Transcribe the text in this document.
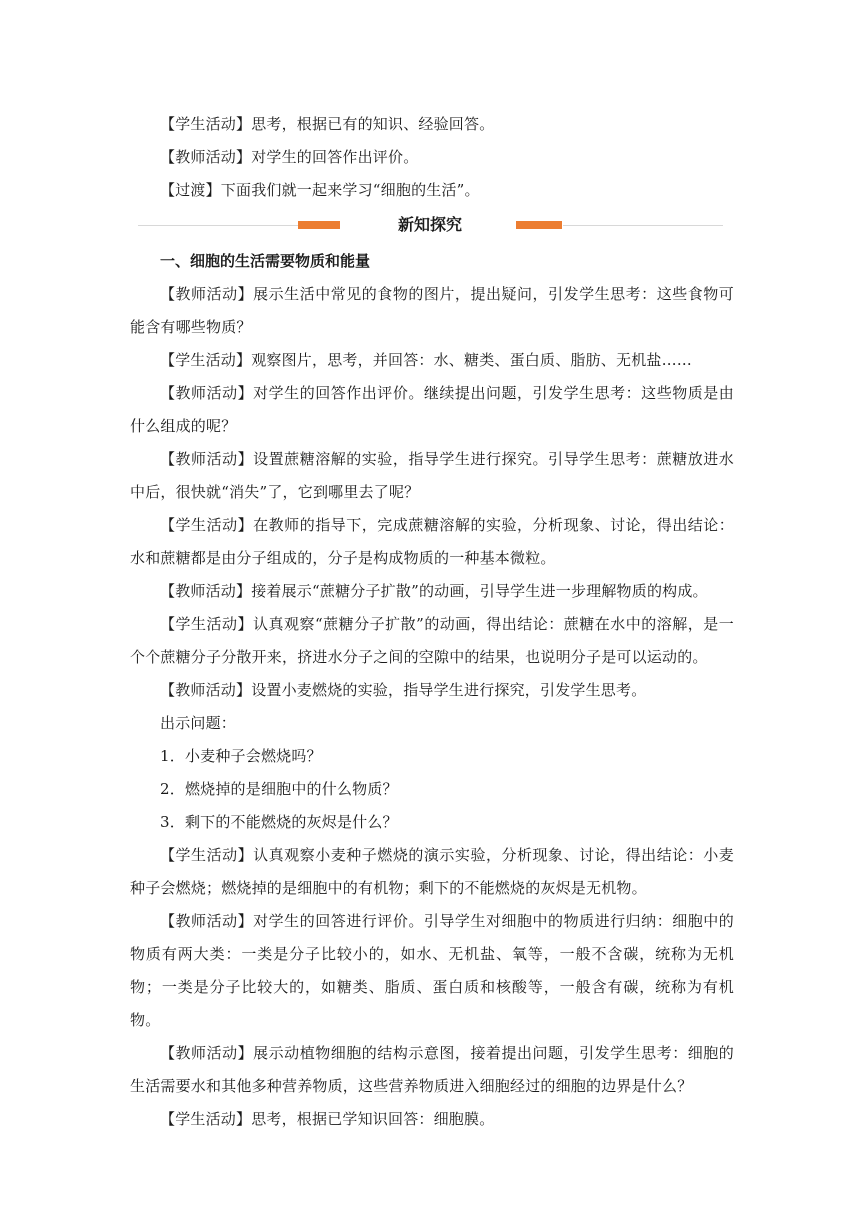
【学生活动】思考，根据已有的知识、经验回答。

【教师活动】对学生的回答作出评价。

【过渡】下面我们就一起来学习“细胞的生活”。

新知探究

一、细胞的生活需要物质和能量

【教师活动】展示生活中常见的食物的图片，提出疑问，引发学生思考：这些食物可能含有哪些物质？

【学生活动】观察图片，思考，并回答：水、糖类、蛋白质、脂肪、无机盐……

【教师活动】对学生的回答作出评价。继续提出问题，引发学生思考：这些物质是由什么组成的呢？

【教师活动】设置蔗糖溶解的实验，指导学生进行探究。引导学生思考：蔗糖放进水中后，很快就“消失”了，它到哪里去了呢？

【学生活动】在教师的指导下，完成蔗糖溶解的实验，分析现象、讨论，得出结论：水和蔗糖都是由分子组成的，分子是构成物质的一种基本微粒。

【教师活动】接着展示“蔗糖分子扩散”的动画，引导学生进一步理解物质的构成。

【学生活动】认真观察“蔗糖分子扩散”的动画，得出结论：蔗糖在水中的溶解，是一个个蔗糖分子分散开来，挤进水分子之间的空隙中的结果，也说明分子是可以运动的。

【教师活动】设置小麦燃烧的实验，指导学生进行探究，引发学生思考。

出示问题：

1．小麦种子会燃烧吗？

2．燃烧掉的是细胞中的什么物质？

3．剩下的不能燃烧的灰烬是什么？

【学生活动】认真观察小麦种子燃烧的演示实验，分析现象、讨论，得出结论：小麦种子会燃烧；燃烧掉的是细胞中的有机物；剩下的不能燃烧的灰烬是无机物。

【教师活动】对学生的回答进行评价。引导学生对细胞中的物质进行归纳：细胞中的物质有两大类：一类是分子比较小的，如水、无机盐、氧等，一般不含碳，统称为无机物；一类是分子比较大的，如糖类、脂质、蛋白质和核酸等，一般含有碳，统称为有机物。

【教师活动】展示动植物细胞的结构示意图，接着提出问题，引发学生思考：细胞的生活需要水和其他多种营养物质，这些营养物质进入细胞经过的细胞的边界是什么？

【学生活动】思考，根据已学知识回答：细胞膜。
